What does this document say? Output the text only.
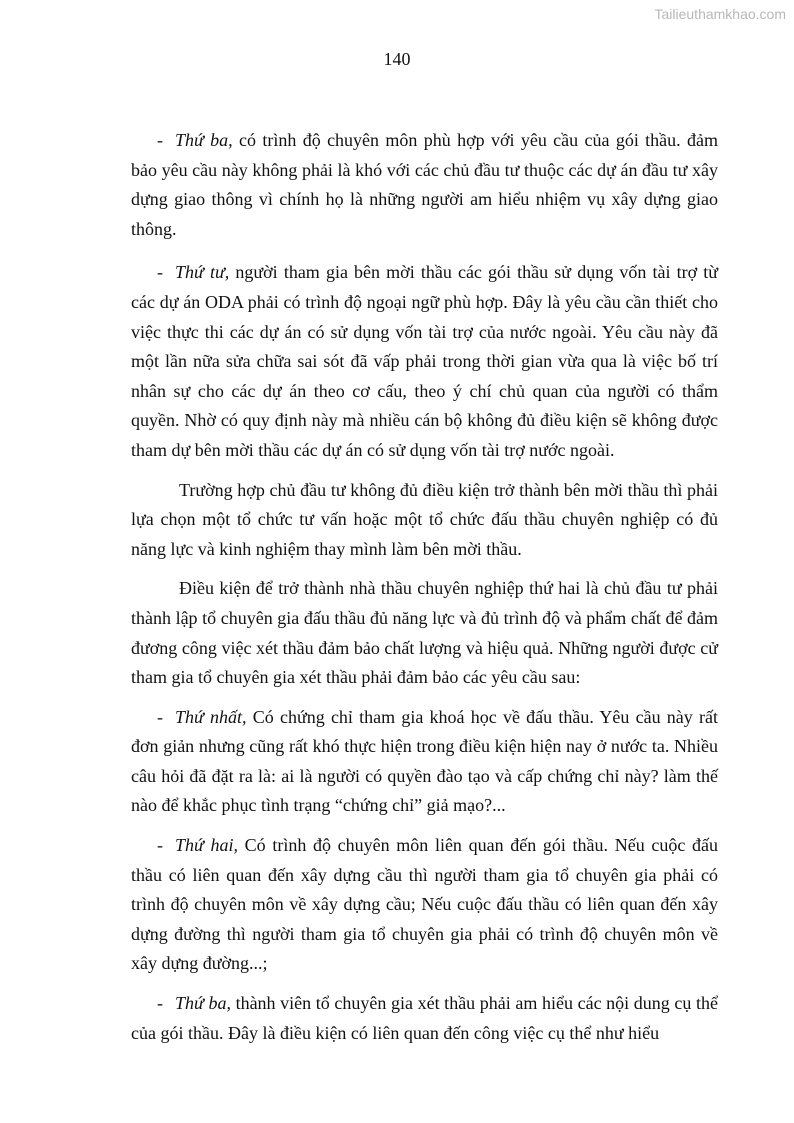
Tailieuthamkhao.com
140

- Thứ ba, có trình độ chuyên môn phù hợp với yêu cầu của gói thầu. đảm bảo yêu cầu này không phải là khó với các chủ đầu tư thuộc các dự án đầu tư xây dựng giao thông vì chính họ là những người am hiểu nhiệm vụ xây dựng giao thông.

- Thứ tư, người tham gia bên mời thầu các gói thầu sử dụng vốn tài trợ từ các dự án ODA phải có trình độ ngoại ngữ phù hợp. Đây là yêu cầu cần thiết cho việc thực thi các dự án có sử dụng vốn tài trợ của nước ngoài. Yêu cầu này đã một lần nữa sửa chữa sai sót đã vấp phải trong thời gian vừa qua là việc bố trí nhân sự cho các dự án theo cơ cấu, theo ý chí chủ quan của người có thẩm quyền. Nhờ có quy định này mà nhiều cán bộ không đủ điều kiện sẽ không được tham dự bên mời thầu các dự án có sử dụng vốn tài trợ nước ngoài.

Trường hợp chủ đầu tư không đủ điều kiện trở thành bên mời thầu thì phải lựa chọn một tổ chức tư vấn hoặc một tổ chức đấu thầu chuyên nghiệp có đủ năng lực và kinh nghiệm thay mình làm bên mời thầu.

Điều kiện để trở thành nhà thầu chuyên nghiệp thứ hai là chủ đầu tư phải thành lập tổ chuyên gia đấu thầu đủ năng lực và đủ trình độ và phẩm chất để đảm đương công việc xét thầu đảm bảo chất lượng và hiệu quả. Những người được cử tham gia tổ chuyên gia xét thầu phải đảm bảo các yêu cầu sau:

- Thứ nhất, Có chứng chỉ tham gia khoá học về đấu thầu. Yêu cầu này rất đơn giản nhưng cũng rất khó thực hiện trong điều kiện hiện nay ở nước ta. Nhiều câu hỏi đã đặt ra là: ai là người có quyền đào tạo và cấp chứng chỉ này? làm thế nào để khắc phục tình trạng “chứng chỉ” giả mạo?...

- Thứ hai, Có trình độ chuyên môn liên quan đến gói thầu. Nếu cuộc đấu thầu có liên quan đến xây dựng cầu thì người tham gia tổ chuyên gia phải có trình độ chuyên môn về xây dựng cầu; Nếu cuộc đấu thầu có liên quan đến xây dựng đường thì người tham gia tổ chuyên gia phải có trình độ chuyên môn về xây dựng đường...;

- Thứ ba, thành viên tổ chuyên gia xét thầu phải am hiểu các nội dung cụ thể của gói thầu. Đây là điều kiện có liên quan đến công việc cụ thể như hiểu
